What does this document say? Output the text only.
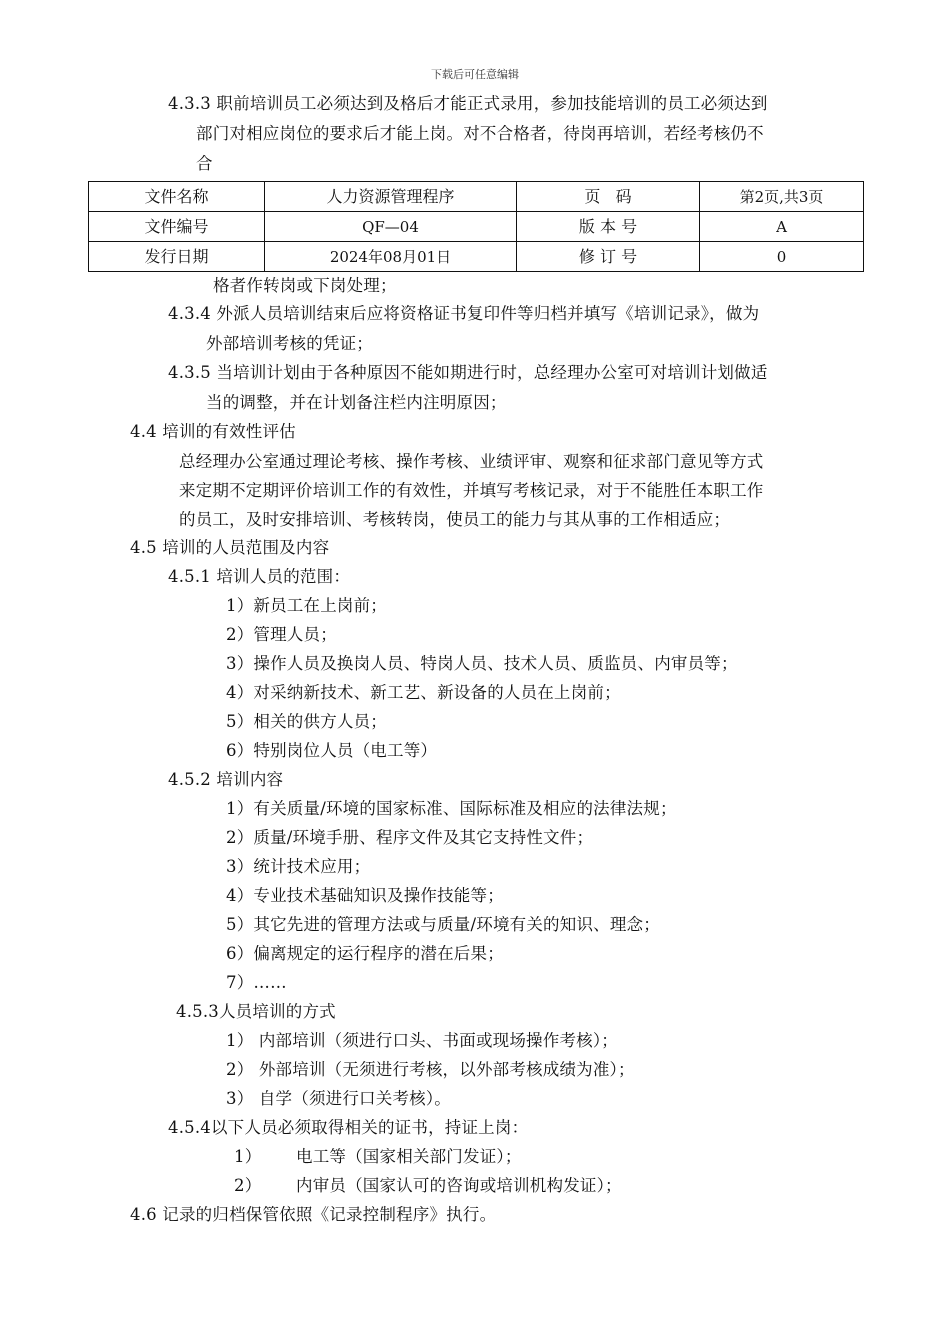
下载后可任意编辑
4.3.3 职前培训员工必须达到及格后才能正式录用，参加技能培训的员工必须达到
部门对相应岗位的要求后才能上岗。对不合格者，待岗再培训，若经考核仍不
合
文件名称	人力资源管理程序	页   码	第2页,共3页
文件编号	QF—04	版 本 号	A
发行日期	2024年08月01日	修 订 号	0
格者作转岗或下岗处理；
4.3.4 外派人员培训结束后应将资格证书复印件等归档并填写《培训记录》，做为
外部培训考核的凭证；
4.3.5 当培训计划由于各种原因不能如期进行时，总经理办公室可对培训计划做适
当的调整，并在计划备注栏内注明原因；
4.4 培训的有效性评估
总经理办公室通过理论考核、操作考核、业绩评审、观察和征求部门意见等方式
来定期不定期评价培训工作的有效性，并填写考核记录，对于不能胜任本职工作
的员工，及时安排培训、考核转岗，使员工的能力与其从事的工作相适应；
4.5 培训的人员范围及内容
4.5.1 培训人员的范围：
1）新员工在上岗前；
2）管理人员；
3）操作人员及换岗人员、特岗人员、技术人员、质监员、内审员等；
4）对采纳新技术、新工艺、新设备的人员在上岗前；
5）相关的供方人员；
6）特别岗位人员（电工等）
4.5.2 培训内容
1）有关质量/环境的国家标准、国际标准及相应的法律法规；
2）质量/环境手册、程序文件及其它支持性文件；
3）统计技术应用；
4）专业技术基础知识及操作技能等；
5）其它先进的管理方法或与质量/环境有关的知识、理念；
6）偏离规定的运行程序的潜在后果；
7）……
4.5.3人员培训的方式
1） 内部培训（须进行口头、书面或现场操作考核）；
2） 外部培训（无须进行考核，以外部考核成绩为准）；
3） 自学（须进行口关考核）。
4.5.4以下人员必须取得相关的证书，持证上岗：
1） 电工等（国家相关部门发证）；
2） 内审员（国家认可的咨询或培训机构发证）；
4.6 记录的归档保管依照《记录控制程序》执行。
